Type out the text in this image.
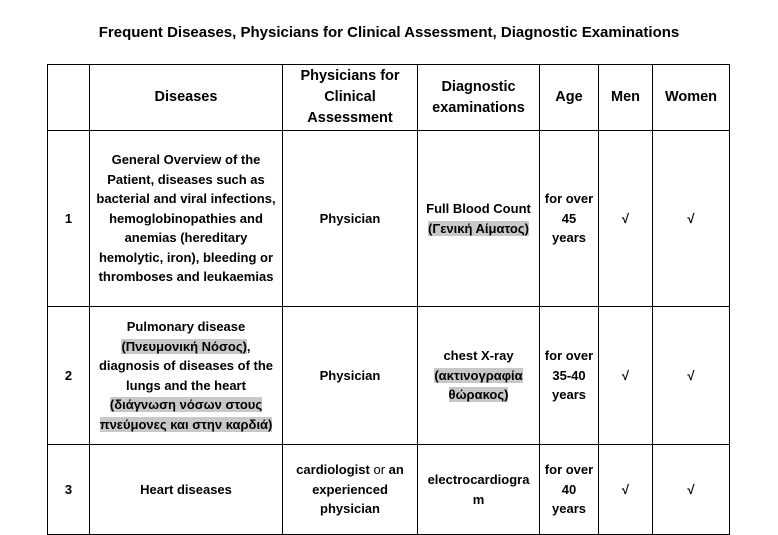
Frequent Diseases, Physicians for Clinical Assessment, Diagnostic Examinations
	Diseases	Physicians for Clinical Assessment	Diagnostic examinations	Age	Men	Women
1	General Overview of the Patient, diseases such as bacterial and viral infections, hemoglobinopathies and anemias (hereditary hemolytic, iron), bleeding or thromboses and leukaemias	Physician	Full Blood Count (Γενική Αίματος)	for over 45 years	√	√
2	Pulmonary disease (Πνευμονική Νόσος), diagnosis of diseases of the lungs and the heart (διάγνωση νόσων στους πνεύμονες και στην καρδιά)	Physician	chest X-ray (ακτινογραφία θώρακος)	for over 35-40 years	√	√
3	Heart diseases	cardiologist or an experienced physician	electrocardiogram	for over 40 years	√	√
